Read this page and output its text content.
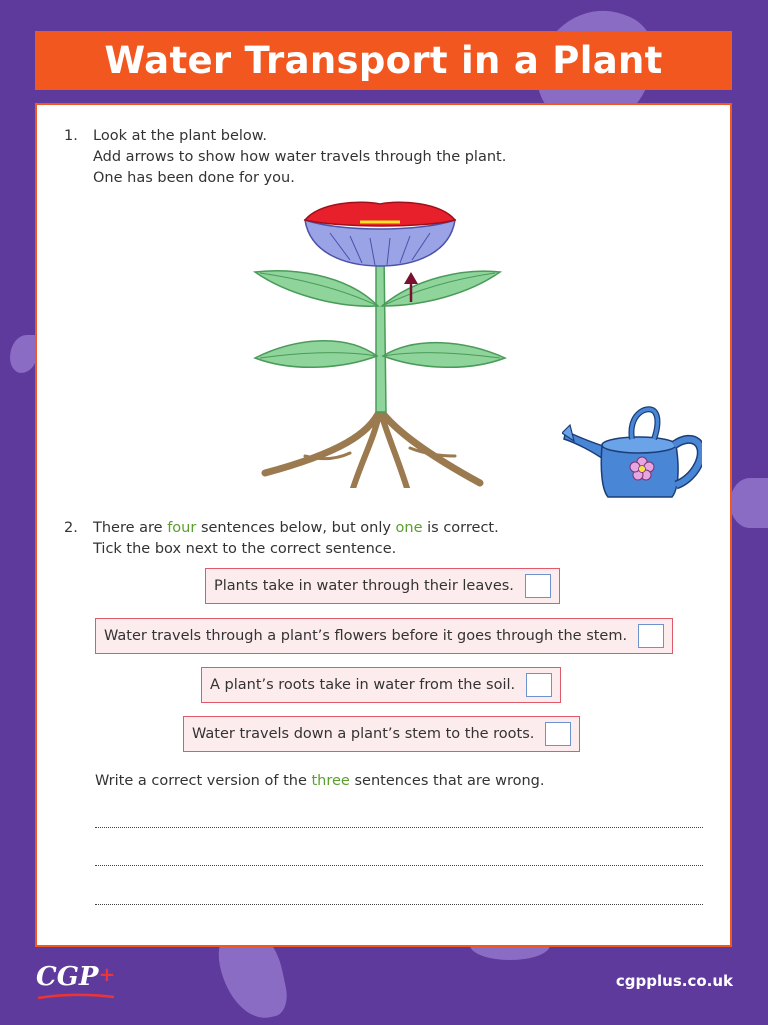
Water Transport in a Plant
1. Look at the plant below.
Add arrows to show how water travels through the plant.
One has been done for you.
2. There are four sentences below, but only one is correct.
Tick the box next to the correct sentence.
Plants take in water through their leaves.
Water travels through a plant’s flowers before it goes through the stem.
A plant’s roots take in water from the soil.
Water travels down a plant’s stem to the roots.
Write a correct version of the three sentences that are wrong.
CGP+	cgpplus.co.uk
